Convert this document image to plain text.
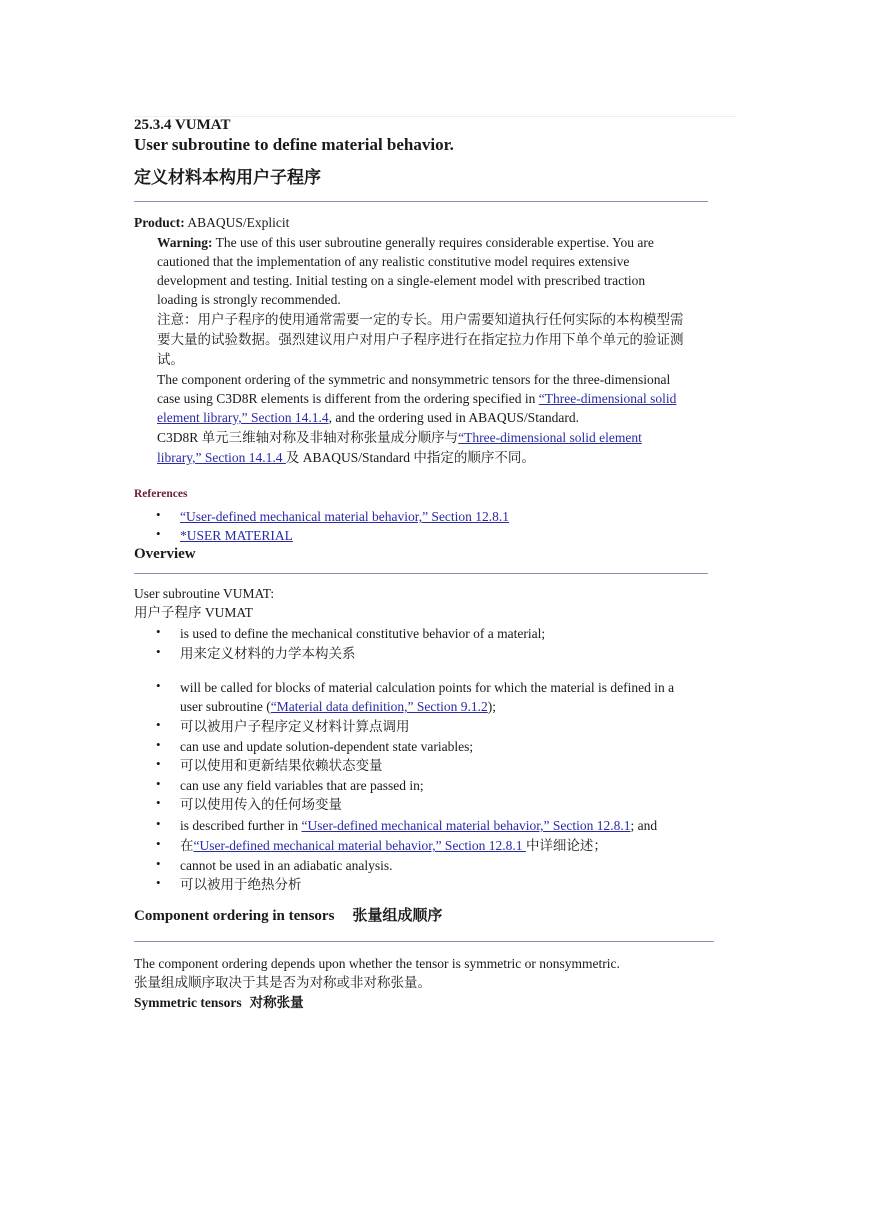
25.3.4 VUMAT
User subroutine to define material behavior.
定义材料本构用户子程序
Product: ABAQUS/Explicit
Warning: The use of this user subroutine generally requires considerable expertise. You are
cautioned that the implementation of any realistic constitutive model requires extensive
development and testing. Initial testing on a single-element model with prescribed traction
loading is strongly recommended.
注意：用户子程序的使用通常需要一定的专长。用户需要知道执行任何实际的本构模型需
要大量的试验数据。强烈建议用户对用户子程序进行在指定拉力作用下单个单元的验证测
试。
The component ordering of the symmetric and nonsymmetric tensors for the three-dimensional
case using C3D8R elements is different from the ordering specified in “Three-dimensional solid
element library,” Section 14.1.4, and the ordering used in ABAQUS/Standard.
C3D8R 单元三维轴对称及非轴对称张量成分顺序与“Three-dimensional solid element
library,” Section 14.1.4 及 ABAQUS/Standard 中指定的顺序不同。
References
• “User-defined mechanical material behavior,” Section 12.8.1
• *USER MATERIAL
Overview
User subroutine VUMAT:
用户子程序 VUMAT
• is used to define the mechanical constitutive behavior of a material;
• 用来定义材料的力学本构关系
• will be called for blocks of material calculation points for which the material is defined in a
user subroutine (“Material data definition,” Section 9.1.2);
• 可以被用户子程序定义材料计算点调用
• can use and update solution-dependent state variables;
• 可以使用和更新结果依赖状态变量
• can use any field variables that are passed in;
• 可以使用传入的任何场变量
• is described further in “User-defined mechanical material behavior,” Section 12.8.1; and
• 在“User-defined mechanical material behavior,” Section 12.8.1 中详细论述；
• cannot be used in an adiabatic analysis.
• 可以被用于绝热分析
Component ordering in tensors 张量组成顺序
The component ordering depends upon whether the tensor is symmetric or nonsymmetric.
张量组成顺序取决于其是否为对称或非对称张量。
Symmetric tensors 对称张量
